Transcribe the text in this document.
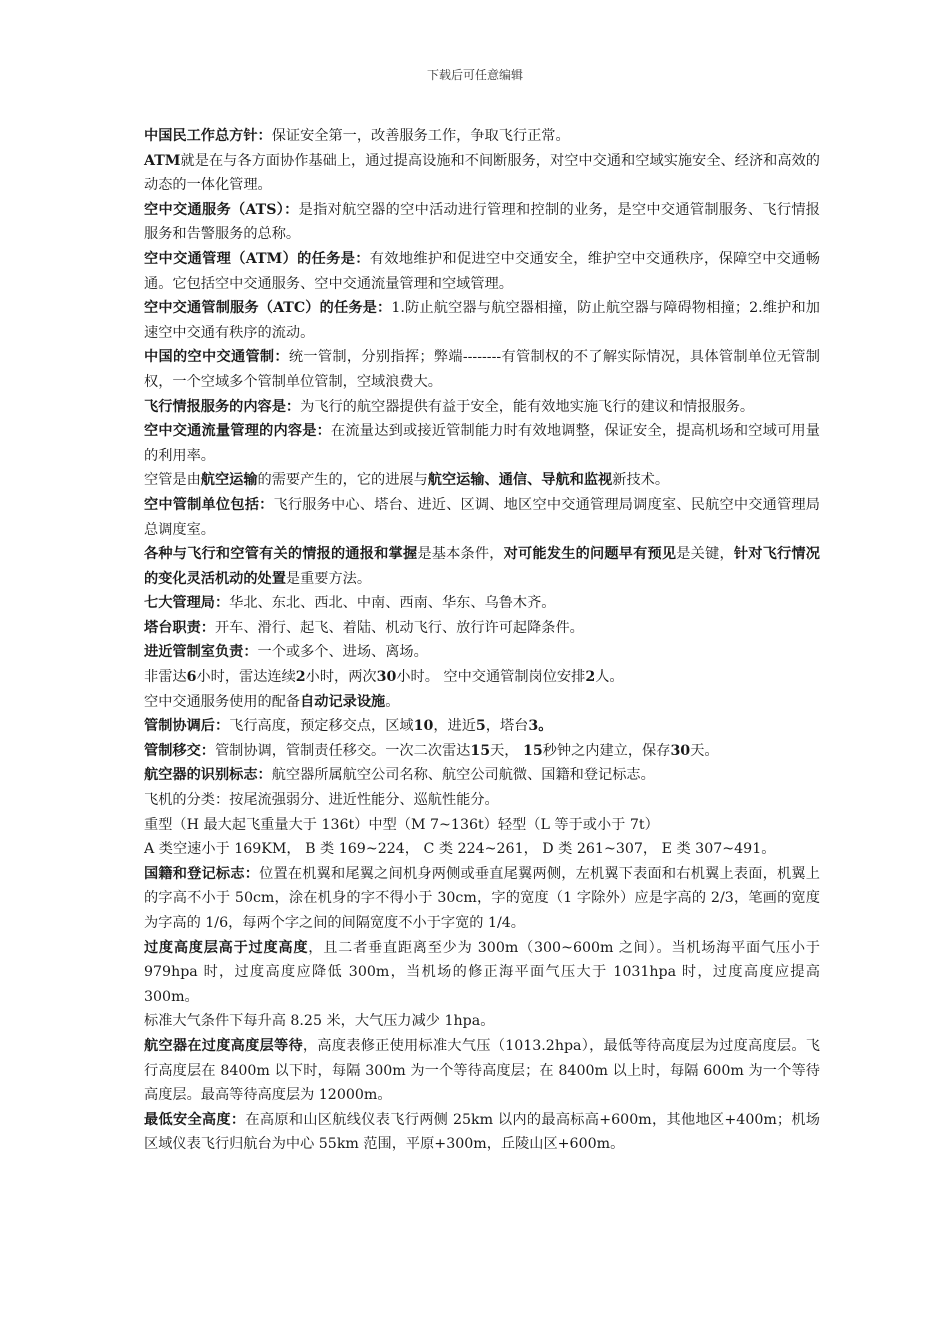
下载后可任意编辑

中国民工作总方针：保证安全第一，改善服务工作，争取飞行正常。

ATM就是在与各方面协作基础上，通过提高设施和不间断服务，对空中交通和空域实施安全、经济和高效的动态的一体化管理。

空中交通服务（ATS）：是指对航空器的空中活动进行管理和控制的业务，是空中交通管制服务、飞行情报服务和告警服务的总称。

空中交通管理（ATM）的任务是：有效地维护和促进空中交通安全，维护空中交通秩序，保障空中交通畅通。它包括空中交通服务、空中交通流量管理和空域管理。

空中交通管制服务（ATC）的任务是：1.防止航空器与航空器相撞，防止航空器与障碍物相撞；2.维护和加速空中交通有秩序的流动。

中国的空中交通管制：统一管制，分别指挥；弊端--------有管制权的不了解实际情况，具体管制单位无管制权，一个空域多个管制单位管制，空域浪费大。

飞行情报服务的内容是：为飞行的航空器提供有益于安全，能有效地实施飞行的建议和情报服务。

空中交通流量管理的内容是：在流量达到或接近管制能力时有效地调整，保证安全，提高机场和空域可用量的利用率。

空管是由航空运输的需要产生的，它的进展与航空运输、通信、导航和监视新技术。

空中管制单位包括：飞行服务中心、塔台、进近、区调、地区空中交通管理局调度室、民航空中交通管理局总调度室。

各种与飞行和空管有关的情报的通报和掌握是基本条件，对可能发生的问题早有预见是关键，针对飞行情况的变化灵活机动的处置是重要方法。

七大管理局：华北、东北、西北、中南、西南、华东、乌鲁木齐。

塔台职责：开车、滑行、起飞、着陆、机动飞行、放行许可起降条件。

进近管制室负责：一个或多个、进场、离场。

非雷达6小时，雷达连续2小时，两次30小时。 空中交通管制岗位安排2人。

空中交通服务使用的配备自动记录设施。

管制协调后：飞行高度，预定移交点，区域10，进近5，塔台3。

管制移交：管制协调，管制责任移交。一次二次雷达15天， 15秒钟之内建立，保存30天。

航空器的识别标志：航空器所属航空公司名称、航空公司航微、国籍和登记标志。

飞机的分类：按尾流强弱分、进近性能分、巡航性能分。

重型（H 最大起飞重量大于 136t）中型（M 7~136t）轻型（L 等于或小于 7t）

A 类空速小于 169KM， B 类 169~224， C 类 224~261， D 类 261~307， E 类 307~491。

国籍和登记标志：位置在机翼和尾翼之间机身两侧或垂直尾翼两侧，左机翼下表面和右机翼上表面，机翼上的字高不小于 50cm，涂在机身的字不得小于 30cm，字的宽度（1 字除外）应是字高的 2/3，笔画的宽度为字高的 1/6，每两个字之间的间隔宽度不小于字宽的 1/4。

过度高度层高于过度高度，且二者垂直距离至少为 300m（300~600m 之间）。当机场海平面气压小于 979hpa 时，过度高度应降低 300m，当机场的修正海平面气压大于 1031hpa 时，过度高度应提高 300m。

标准大气条件下每升高 8.25 米，大气压力减少 1hpa。

航空器在过度高度层等待，高度表修正使用标准大气压（1013.2hpa），最低等待高度层为过度高度层。飞行高度层在 8400m 以下时，每隔 300m 为一个等待高度层；在 8400m 以上时，每隔 600m 为一个等待高度层。最高等待高度层为 12000m。

最低安全高度：在高原和山区航线仪表飞行两侧 25km 以内的最高标高+600m，其他地区+400m；机场区域仪表飞行归航台为中心 55km 范围，平原+300m，丘陵山区+600m。
